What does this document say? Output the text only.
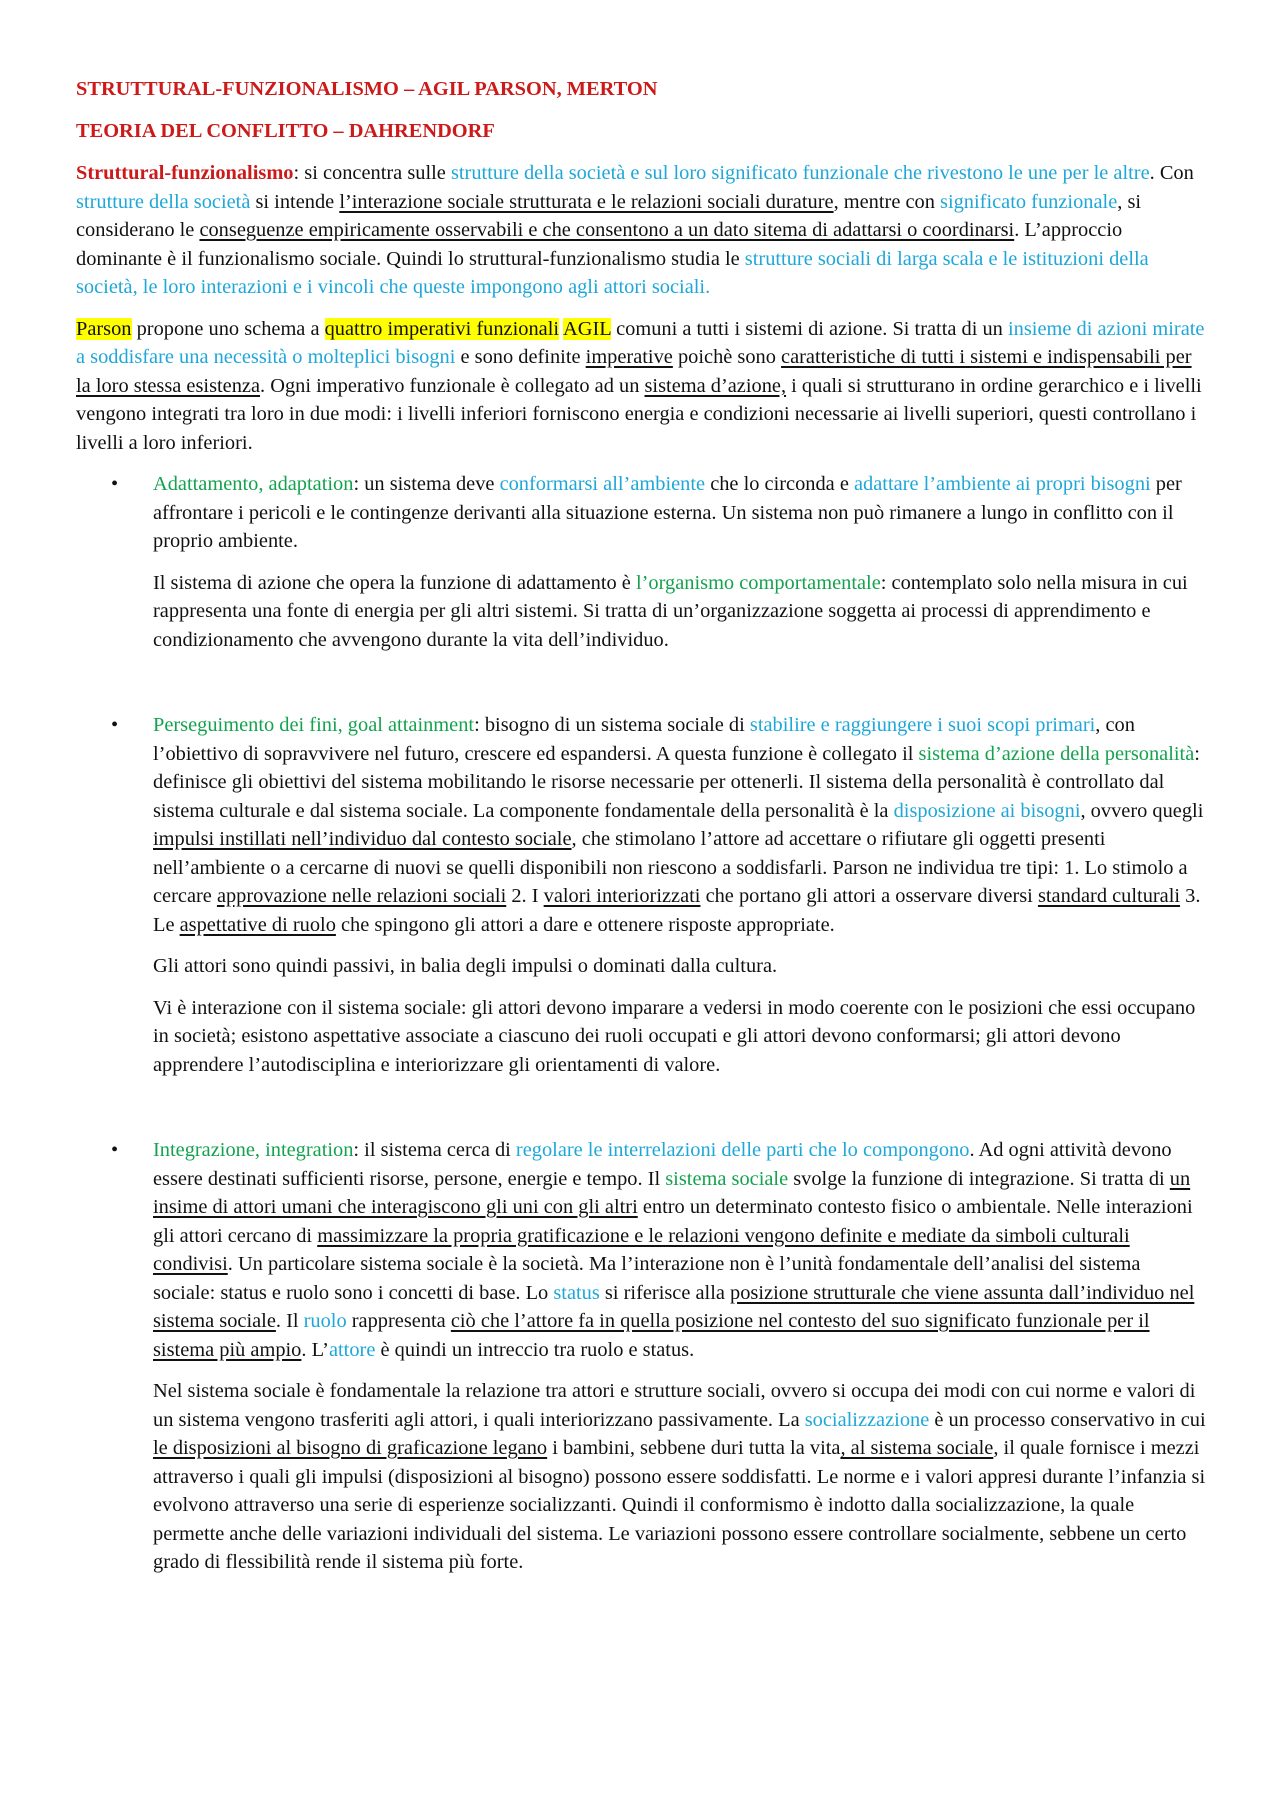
STRUTTURAL-FUNZIONALISMO – AGIL PARSON, MERTON
TEORIA DEL CONFLITTO – DAHRENDORF

Struttural-funzionalismo: si concentra sulle strutture della società e sul loro significato funzionale che rivestono le une per le altre. Con strutture della società si intende l’interazione sociale strutturata e le relazioni sociali durature, mentre con significato funzionale, si considerano le conseguenze empiricamente osservabili e che consentono a un dato sitema di adattarsi o coordinarsi. L’approccio dominante è il funzionalismo sociale. Quindi lo struttural-funzionalismo studia le strutture sociali di larga scala e le istituzioni della società, le loro interazioni e i vincoli che queste impongono agli attori sociali.

Parson propone uno schema a quattro imperativi funzionali AGIL comuni a tutti i sistemi di azione. Si tratta di un insieme di azioni mirate a soddisfare una necessità o molteplici bisogni e sono definite imperative poichè sono caratteristiche di tutti i sistemi e indispensabili per la loro stessa esistenza. Ogni imperativo funzionale è collegato ad un sistema d’azione, i quali si strutturano in ordine gerarchico e i livelli vengono integrati tra loro in due modi: i livelli inferiori forniscono energia e condizioni necessarie ai livelli superiori, questi controllano i livelli a loro inferiori.

• Adattamento, adaptation: un sistema deve conformarsi all’ambiente che lo circonda e adattare l’ambiente ai propri bisogni per affrontare i pericoli e le contingenze derivanti alla situazione esterna. Un sistema non può rimanere a lungo in conflitto con il proprio ambiente.

Il sistema di azione che opera la funzione di adattamento è l’organismo comportamentale: contemplato solo nella misura in cui rappresenta una fonte di energia per gli altri sistemi. Si tratta di un’organizzazione soggetta ai processi di apprendimento e condizionamento che avvengono durante la vita dell’individuo.

• Perseguimento dei fini, goal attainment: bisogno di un sistema sociale di stabilire e raggiungere i suoi scopi primari, con l’obiettivo di sopravvivere nel futuro, crescere ed espandersi. A questa funzione è collegato il sistema d’azione della personalità: definisce gli obiettivi del sistema mobilitando le risorse necessarie per ottenerli. Il sistema della personalità è controllato dal sistema culturale e dal sistema sociale. La componente fondamentale della personalità è la disposizione ai bisogni, ovvero quegli impulsi instillati nell’individuo dal contesto sociale, che stimolano l’attore ad accettare o rifiutare gli oggetti presenti nell’ambiente o a cercarne di nuovi se quelli disponibili non riescono a soddisfarli. Parson ne individua tre tipi: 1. Lo stimolo a cercare approvazione nelle relazioni sociali 2. I valori interiorizzati che portano gli attori a osservare diversi standard culturali 3. Le aspettative di ruolo che spingono gli attori a dare e ottenere risposte appropriate.

Gli attori sono quindi passivi, in balia degli impulsi o dominati dalla cultura.

Vi è interazione con il sistema sociale: gli attori devono imparare a vedersi in modo coerente con le posizioni che essi occupano in società; esistono aspettative associate a ciascuno dei ruoli occupati e gli attori devono conformarsi; gli attori devono apprendere l’autodisciplina e interiorizzare gli orientamenti di valore.

• Integrazione, integration: il sistema cerca di regolare le interrelazioni delle parti che lo compongono. Ad ogni attività devono essere destinati sufficienti risorse, persone, energie e tempo. Il sistema sociale svolge la funzione di integrazione. Si tratta di un insime di attori umani che interagiscono gli uni con gli altri entro un determinato contesto fisico o ambientale. Nelle interazioni gli attori cercano di massimizzare la propria gratificazione e le relazioni vengono definite e mediate da simboli culturali condivisi. Un particolare sistema sociale è la società. Ma l’interazione non è l’unità fondamentale dell’analisi del sistema sociale: status e ruolo sono i concetti di base. Lo status si riferisce alla posizione strutturale che viene assunta dall’individuo nel sistema sociale. Il ruolo rappresenta ciò che l’attore fa in quella posizione nel contesto del suo significato funzionale per il sistema più ampio. L’attore è quindi un intreccio tra ruolo e status.

Nel sistema sociale è fondamentale la relazione tra attori e strutture sociali, ovvero si occupa dei modi con cui norme e valori di un sistema vengono trasferiti agli attori, i quali interiorizzano passivamente. La socializzazione è un processo conservativo in cui le disposizioni al bisogno di graficazione legano i bambini, sebbene duri tutta la vita, al sistema sociale, il quale fornisce i mezzi attraverso i quali gli impulsi (disposizioni al bisogno) possono essere soddisfatti. Le norme e i valori appresi durante l’infanzia si evolvono attraverso una serie di esperienze socializzanti. Quindi il conformismo è indotto dalla socializzazione, la quale permette anche delle variazioni individuali del sistema. Le variazioni possono essere controllare socialmente, sebbene un certo grado di flessibilità rende il sistema più forte.
